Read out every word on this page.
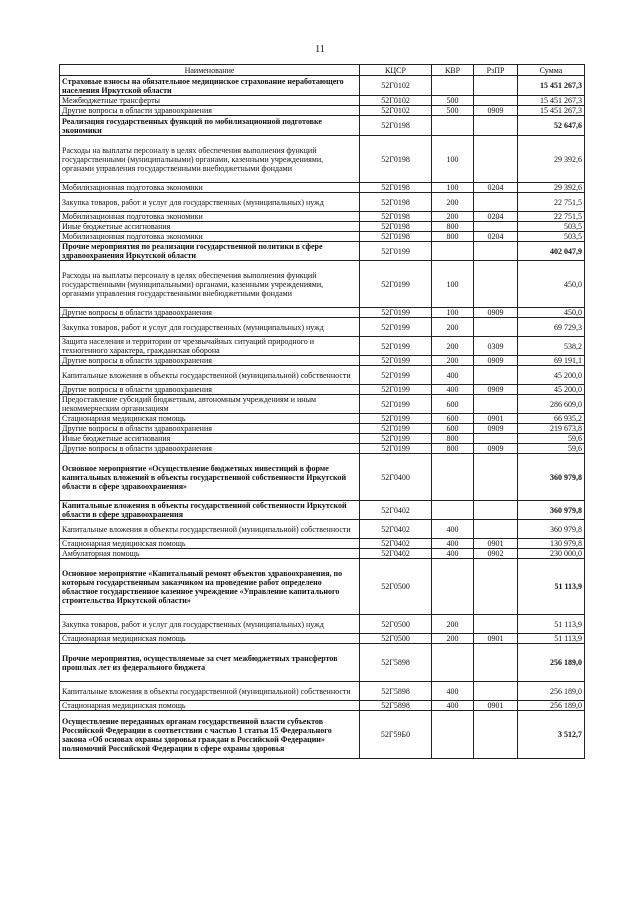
11
Наименование	КЦСР	КВР	РзПР	Сумма
Страховые взносы на обязательное медицинское страхование неработающего населения Иркутской области	52Г0102			15 451 267,3
Межбюджетные трансферты	52Г0102	500		15 451 267,3
Другие вопросы в области здравоохранения	52Г0102	500	0909	15 451 267,3
Реализация государственных функций по мобилизационной подготовке экономики	52Г0198			52 647,6
Расходы на выплаты персоналу в целях обеспечения выполнения функций государственными (муниципальными) органами, казенными учреждениями, органами управления государственными внебюджетными фондами	52Г0198	100		29 392,6
Мобилизационная подготовка экономики	52Г0198	100	0204	29 392,6
Закупка товаров, работ и услуг для государственных (муниципальных) нужд	52Г0198	200		22 751,5
Мобилизационная подготовка экономики	52Г0198	200	0204	22 751,5
Иные бюджетные ассигнования	52Г0198	800		503,5
Мобилизационная подготовка экономики	52Г0198	800	0204	503,5
Прочие мероприятия по реализации государственной политики в сфере здравоохранения Иркутской области	52Г0199			402 047,9
Расходы на выплаты персоналу в целях обеспечения выполнения функций государственными (муниципальными) органами, казенными учреждениями, органами управления государственными внебюджетными фондами	52Г0199	100		450,0
Другие вопросы в области здравоохранения	52Г0199	100	0909	450,0
Закупка товаров, работ и услуг для государственных (муниципальных) нужд	52Г0199	200		69 729,3
Защита населения и территории от чрезвычайных ситуаций природного и техногенного характера, гражданская оборона	52Г0199	200	0309	538,2
Другие вопросы в области здравоохранения	52Г0199	200	0909	69 191,1
Капитальные вложения в объекты государственной (муниципальной) собственности	52Г0199	400		45 200,0
Другие вопросы в области здравоохранения	52Г0199	400	0909	45 200,0
Предоставление субсидий бюджетным, автономным учреждениям и иным некоммерческим организациям	52Г0199	600		286 609,0
Стационарная медицинская помощь	52Г0199	600	0901	66 935,2
Другие вопросы в области здравоохранения	52Г0199	600	0909	219 673,8
Иные бюджетные ассигнования	52Г0199	800		59,6
Другие вопросы в области здравоохранения	52Г0199	800	0909	59,6
Основное мероприятие «Осуществление бюджетных инвестиций в форме капитальных вложений в объекты государственной собственности Иркутской области в сфере здравоохранения»	52Г0400			360 979,8
Капитальные вложения в объекты государственной собственности Иркутской области в сфере здравоохранения	52Г0402			360 979,8
Капитальные вложения в объекты государственной (муниципальной) собственности	52Г0402	400		360 979,8
Стационарная медицинская помощь	52Г0402	400	0901	130 979,8
Амбулаторная помощь	52Г0402	400	0902	230 000,0
Основное мероприятие «Капитальный ремонт объектов здравоохранения, по которым государственным заказчиком на проведение работ определено областное государственное казенное учреждение «Управление капитального строительства Иркутской области»	52Г0500			51 113,9
Закупка товаров, работ и услуг для государственных (муниципальных) нужд	52Г0500	200		51 113,9
Стационарная медицинская помощь	52Г0500	200	0901	51 113,9
Прочие мероприятия, осуществляемые за счет межбюджетных трансфертов прошлых лет из федерального бюджета	52Г5898			256 189,0
Капитальные вложения в объекты государственной (муниципальной) собственности	52Г5898	400		256 189,0
Стационарная медицинская помощь	52Г5898	400	0901	256 189,0
Осуществление переданных органам государственной власти субъектов Российской Федерации в соответствии с частью 1 статьи 15 Федерального закона «Об основах охраны здоровья граждан в Российской Федерации» полномочий Российской Федерации в сфере охраны здоровья	52Г59Б0			3 512,7
